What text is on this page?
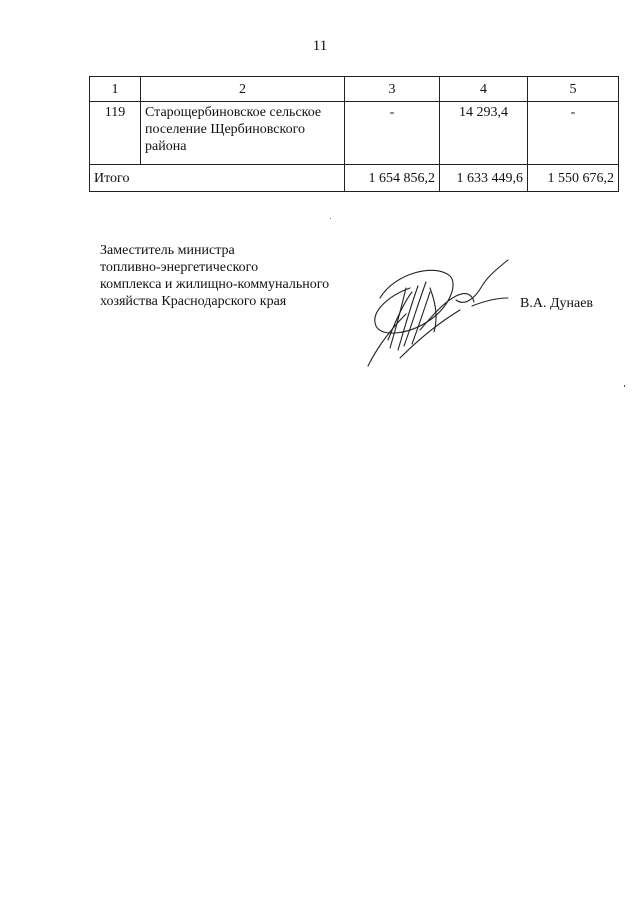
11
1	2	3	4	5
119	Старощербиновское сельское поселение Щербиновского района	-	14 293,4	-
Итого		1 654 856,2	1 633 449,6	1 550 676,2
Заместитель министра
топливно-энергетического
комплекса и жилищно-коммунального
хозяйства Краснодарского края	В.А. Дунаев
